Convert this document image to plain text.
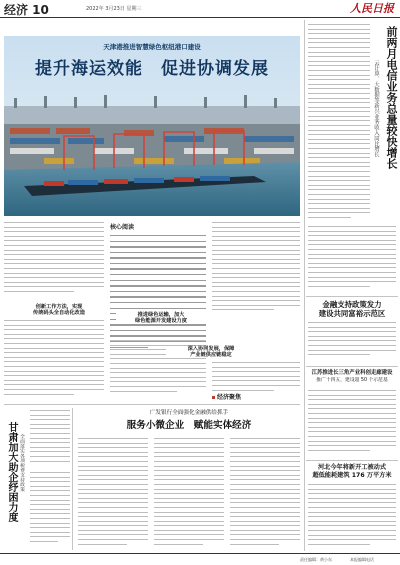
经济 10	2022年 3月23日 星期三	人民日报
天津港推进智慧绿色枢纽港口建设
提升海运效能　促进协调发展
创新工作方法，实现
传统码头全自动化改造
核心阅读
推进绿色运输，加大
绿色能源开发建设力度
深入协同发展，保障
产业链供应链稳定
经济聚焦
前两月电信业务总量较快增长
云计算、大数据等新兴业务收入同比增长
金融支持政策发力
建设共同富裕示范区
江苏推进长三角产业科创走廊建设
推广十四五，建设超 50 个示范基
河北今年将新开工被动式
超低能耗建筑 176 万平方米
甘肃加大助企纾困力度 全面落实各项税费支持政策
广发银行全面强化金融供给抓手
服务小微企业　赋能实体经济
责任编辑：黄小东	本报编辑电话
